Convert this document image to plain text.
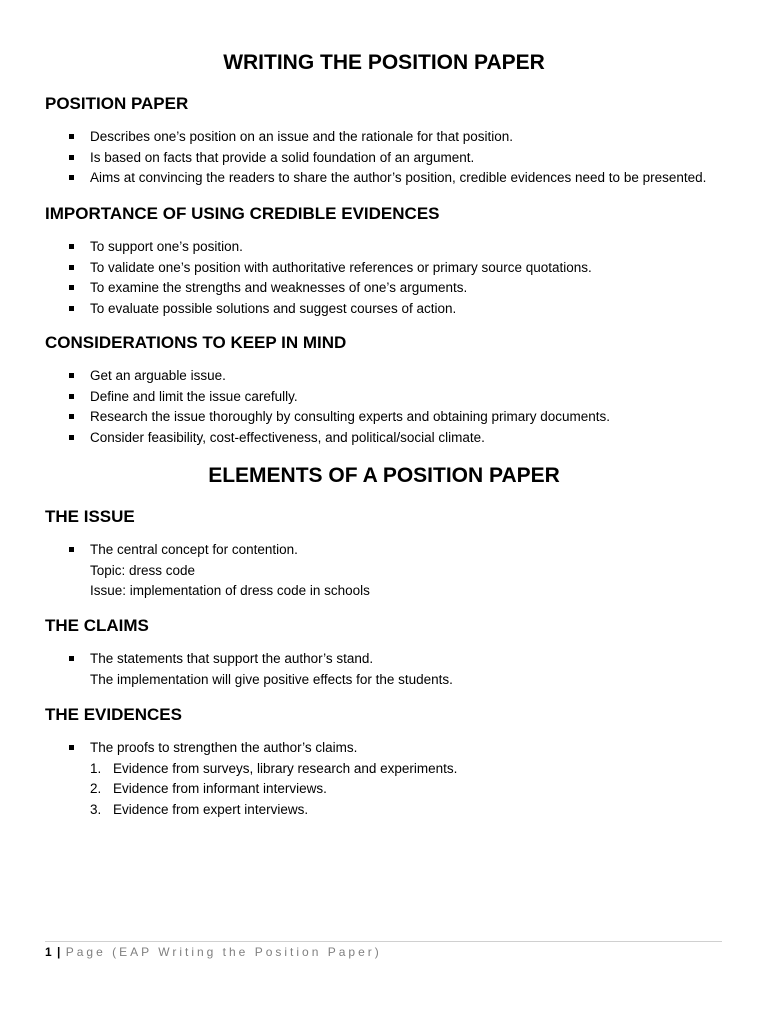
WRITING THE POSITION PAPER
POSITION PAPER
Describes one’s position on an issue and the rationale for that position.
Is based on facts that provide a solid foundation of an argument.
Aims at convincing the readers to share the author’s position, credible evidences need to be presented.
IMPORTANCE OF USING CREDIBLE EVIDENCES
To support one’s position.
To validate one’s position with authoritative references or primary source quotations.
To examine the strengths and weaknesses of one’s arguments.
To evaluate possible solutions and suggest courses of action.
CONSIDERATIONS TO KEEP IN MIND
Get an arguable issue.
Define and limit the issue carefully.
Research the issue thoroughly by consulting experts and obtaining primary documents.
Consider feasibility, cost-effectiveness, and political/social climate.
ELEMENTS OF A POSITION PAPER
THE ISSUE
The central concept for contention.
Topic: dress code
Issue: implementation of dress code in schools
THE CLAIMS
The statements that support the author’s stand.
The implementation will give positive effects for the students.
THE EVIDENCES
The proofs to strengthen the author’s claims.
1. Evidence from surveys, library research and experiments.
2. Evidence from informant interviews.
3. Evidence from expert interviews.
1 | Page (EAP Writing the Position Paper)
